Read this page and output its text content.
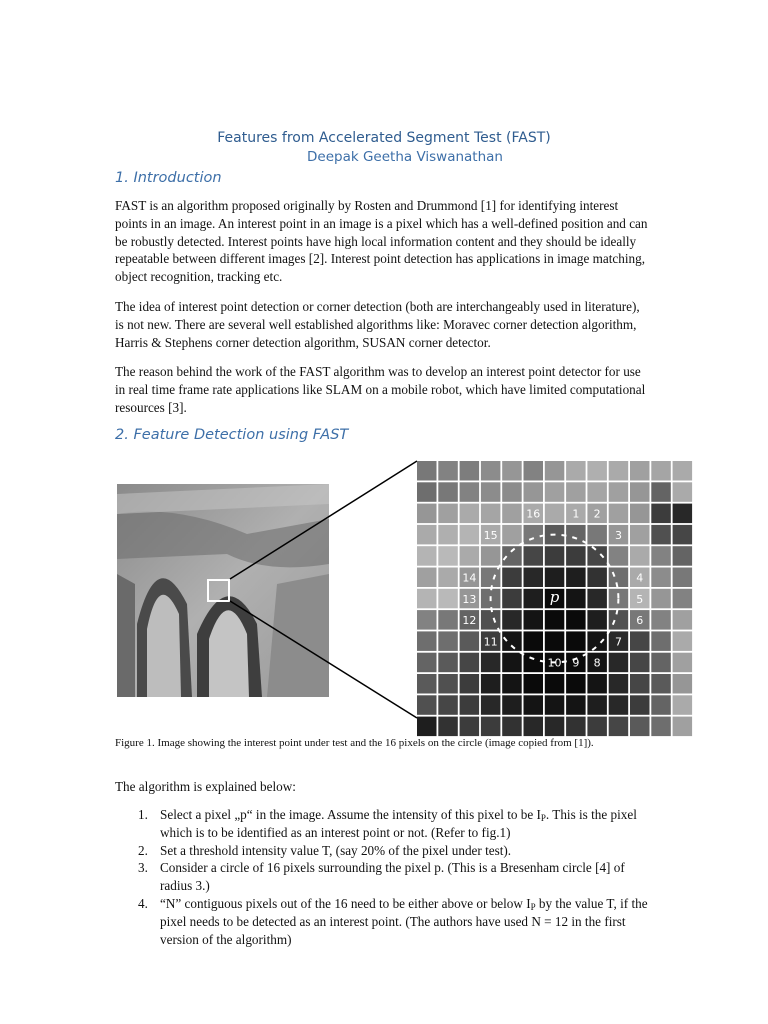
Features from Accelerated Segment Test (FAST)
Deepak Geetha Viswanathan
1. Introduction

FAST is an algorithm proposed originally by Rosten and Drummond [1] for identifying interest points in an image. An interest point in an image is a pixel which has a well-defined position and can be robustly detected. Interest points have high local information content and they should be ideally repeatable between different images [2]. Interest point detection has applications in image matching, object recognition, tracking etc.

The idea of interest point detection or corner detection (both are interchangeably used in literature), is not new. There are several well established algorithms like: Moravec corner detection algorithm, Harris & Stephens corner detection algorithm, SUSAN corner detector.

The reason behind the work of the FAST algorithm was to develop an interest point detector for use in real time frame rate applications like SLAM on a mobile robot, which have limited computational resources [3].

2. Feature Detection using FAST
1 2
3
4
5
6
7
8
9
10
11
12
13
14
15
16
p

Figure 1. Image showing the interest point under test and the 16 pixels on the circle (image copied from [1]).

The algorithm is explained below:

1. Select a pixel „p“ in the image. Assume the intensity of this pixel to be $I_P$. This is the pixel which is to be identified as an interest point or not. (Refer to fig.1)
2. Set a threshold intensity value T, (say 20% of the pixel under test).
3. Consider a circle of 16 pixels surrounding the pixel p. (This is a Bresenham circle [4] of radius 3.)
4. “N” contiguous pixels out of the 16 need to be either above or below $I_P$ by the value T, if the pixel needs to be detected as an interest point. (The authors have used N = 12 in the first version of the algorithm)
